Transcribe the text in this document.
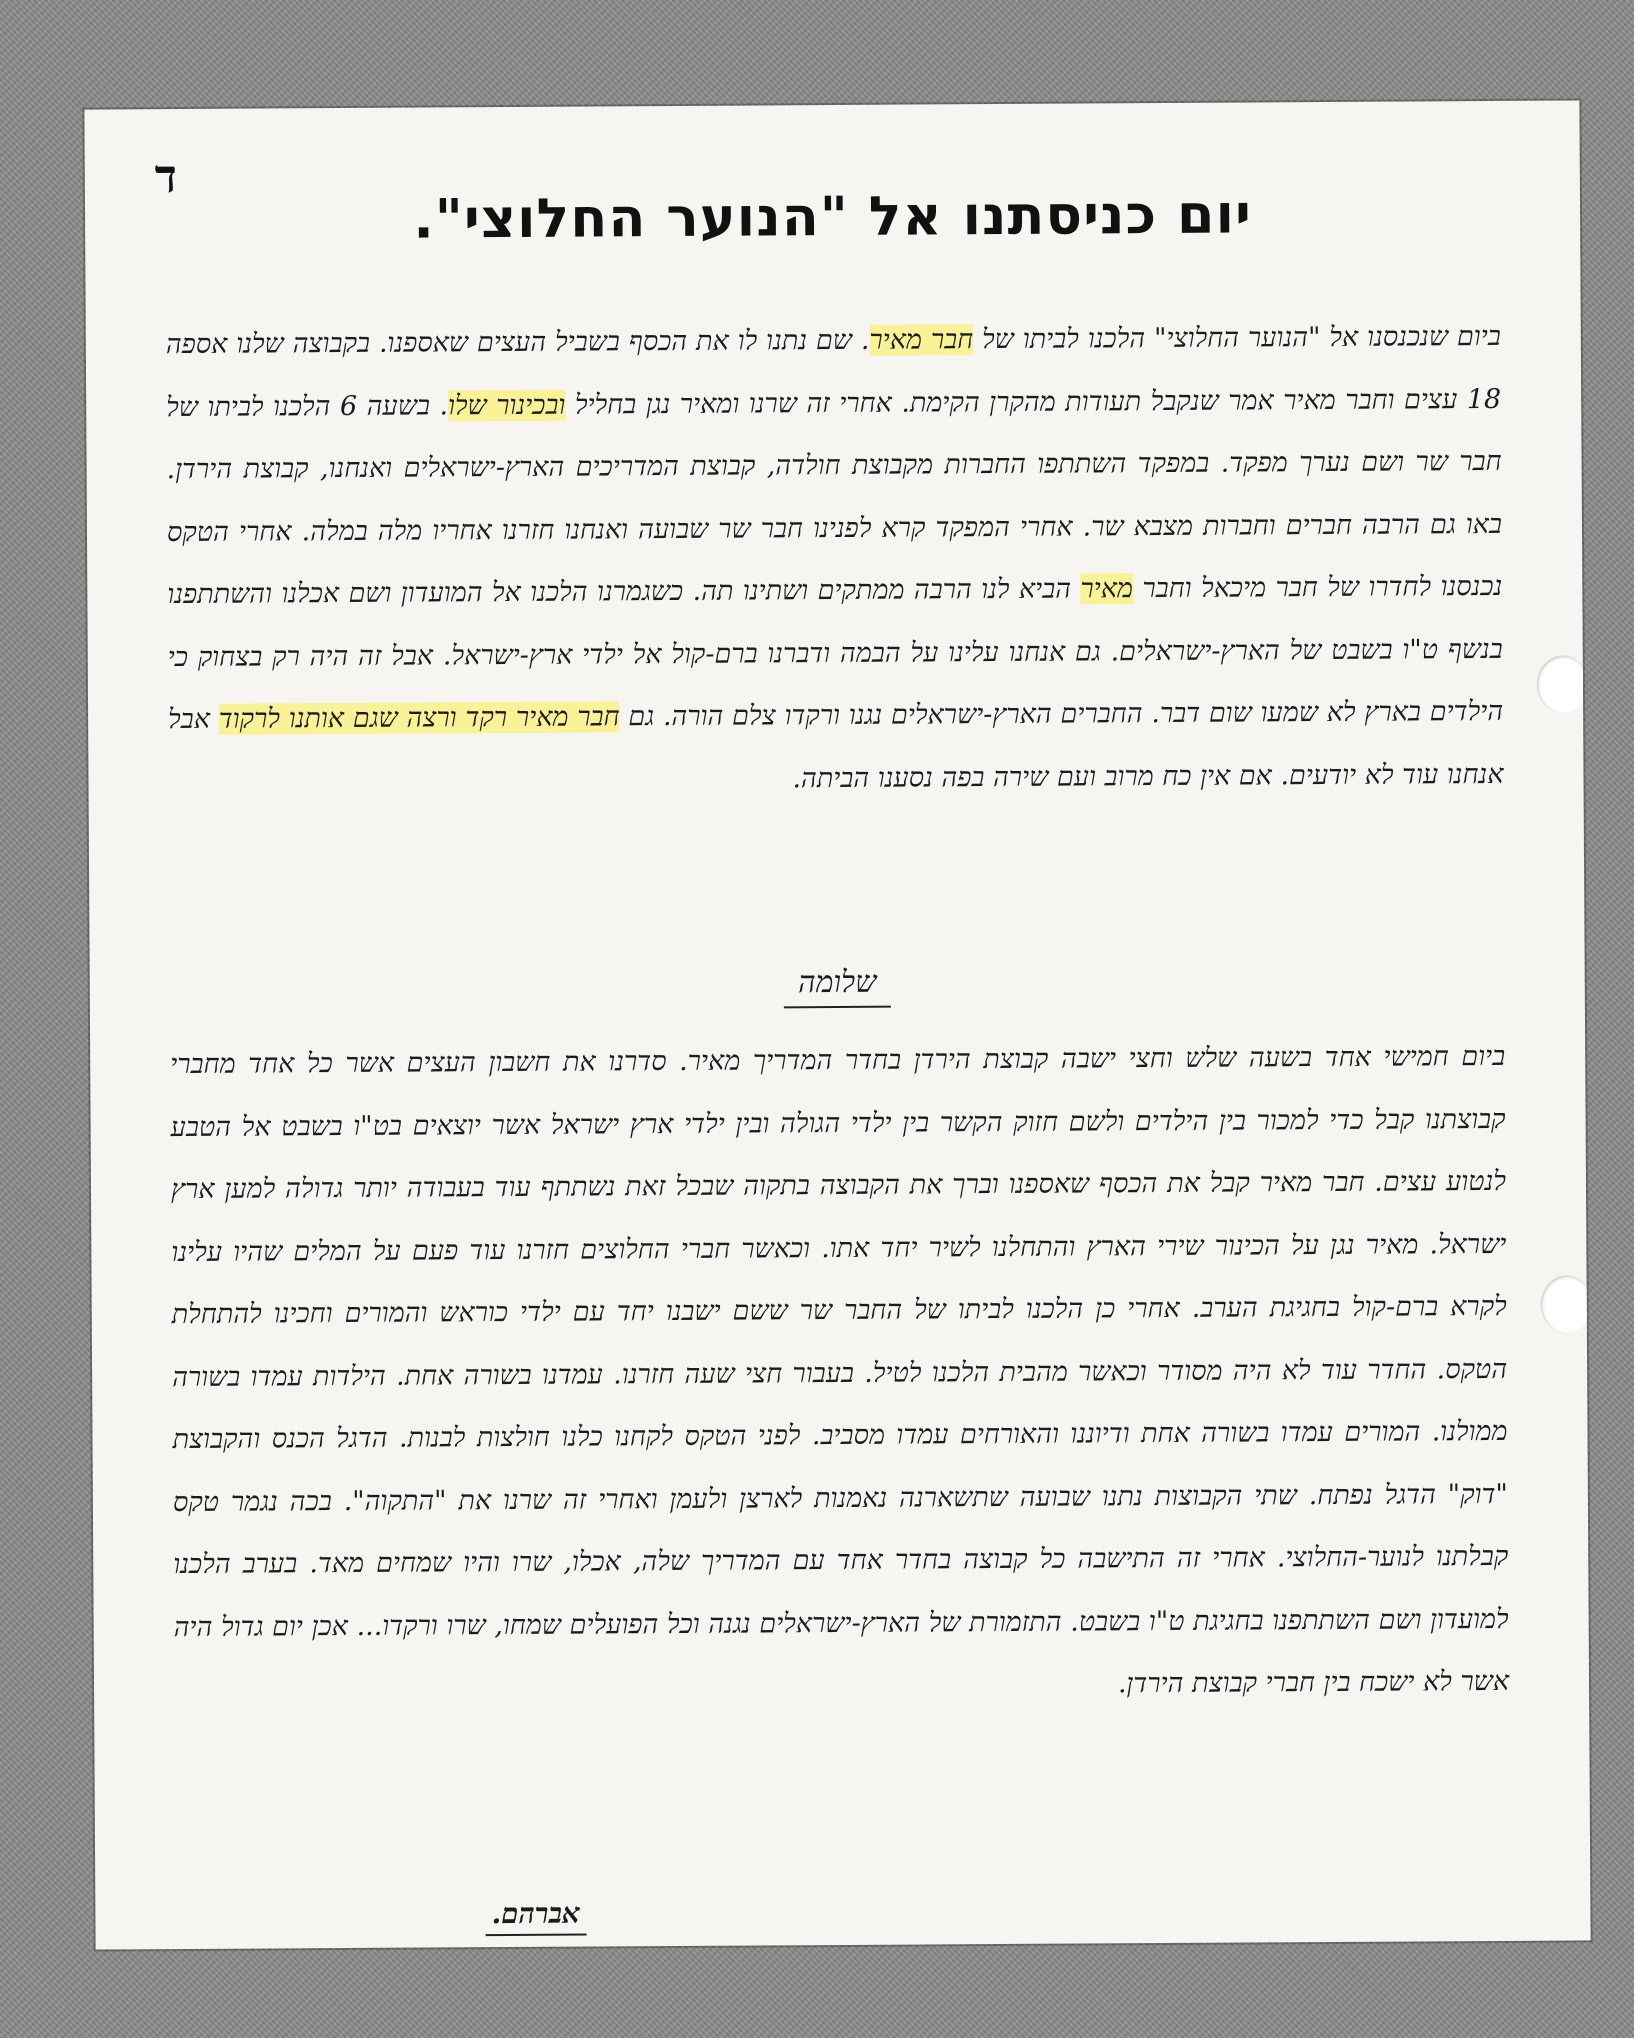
ד
יום כניסתנו אל "הנוער החלוצי".
ביום שנכנסנו אל "הנוער החלוצי" הלכנו לביתו של חבר מאיר. שם נתנו לו את הכסף בשביל העצים שאספנו. בקבוצה שלנו אספה 18 עצים וחבר מאיר אמר שנקבל תעודות מהקרן הקימת. אחרי זה שרנו ומאיר נגן בחליל ובכינור שלו. בשעה 6 הלכנו לביתו של חבר שר ושם נערך מפקד. במפקד השתתפו החברות מקבוצת חולדה, קבוצת המדריכים הארץ-ישראלים ואנחנו, קבוצת הירדן. באו גם הרבה חברים וחברות מצבא שר. אחרי המפקד קרא לפנינו חבר שר שבועה ואנחנו חזרנו אחריו מלה במלה. אחרי הטקס נכנסנו לחדרו של חבר מיכאל וחבר מאיר הביא לנו הרבה ממתקים ושתינו תה. כשגמרנו הלכנו אל המועדון ושם אכלנו והשתתפנו בנשף ט"ו בשבט של הארץ-ישראלים. גם אנחנו עלינו על הבמה ודברנו ברם-קול אל ילדי ארץ-ישראל. אבל זה היה רק בצחוק כי הילדים בארץ לא שמעו שום דבר. החברים הארץ-ישראלים נגנו ורקדו צלם הורה. גם חבר מאיר רקד ורצה שגם אותנו לרקוד אבל אנחנו עוד לא יודעים. אם אין כח מרוב ועם שירה בפה נסענו הביתה.
שלומה
ביום חמישי אחד בשעה שלש וחצי ישבה קבוצת הירדן בחדר המדריך מאיר. סדרנו את חשבון העצים אשר כל אחד מחברי קבוצתנו קבל כדי למכור בין הילדים ולשם חזוק הקשר בין ילדי הגולה ובין ילדי ארץ ישראל אשר יוצאים בט"ו בשבט אל הטבע לנטוע עצים. חבר מאיר קבל את הכסף שאספנו וברך את הקבוצה בתקוה שבכל זאת נשתתף עוד בעבודה יותר גדולה למען ארץ ישראל. מאיר נגן על הכינור שירי הארץ והתחלנו לשיר יחד אתו. וכאשר חברי החלוצים חזרנו עוד פעם על המלים שהיו עלינו לקרא ברם-קול בחגיגת הערב. אחרי כן הלכנו לביתו של החבר שר ששם ישבנו יחד עם ילדי כוראש והמורים וחכינו להתחלת הטקס. החדר עוד לא היה מסודר וכאשר מהבית הלכנו לטיל. בעבור חצי שעה חזרנו. עמדנו בשורה אחת. הילדות עמדו בשורה ממולנו. המורים עמדו בשורה אחת ודיוננו והאורחים עמדו מסביב. לפני הטקס לקחנו כלנו חולצות לבנות. הדגל הכנס והקבוצת "דוק" הדגל נפתח. שתי הקבוצות נתנו שבועה שתשארנה נאמנות לארצן ולעמן ואחרי זה שרנו את "התקוה". בכה נגמר טקס קבלתנו לנוער-החלוצי. אחרי זה התישבה כל קבוצה בחדר אחד עם המדריך שלה, אכלו, שרו והיו שמחים מאד. בערב הלכנו למועדון ושם השתתפנו בחגיגת ט"ו בשבט. התזמורת של הארץ-ישראלים נגנה וכל הפועלים שמחו, שרו ורקדו... אכן יום גדול היה אשר לא ישכח בין חברי קבוצת הירדן.
אברהם.
